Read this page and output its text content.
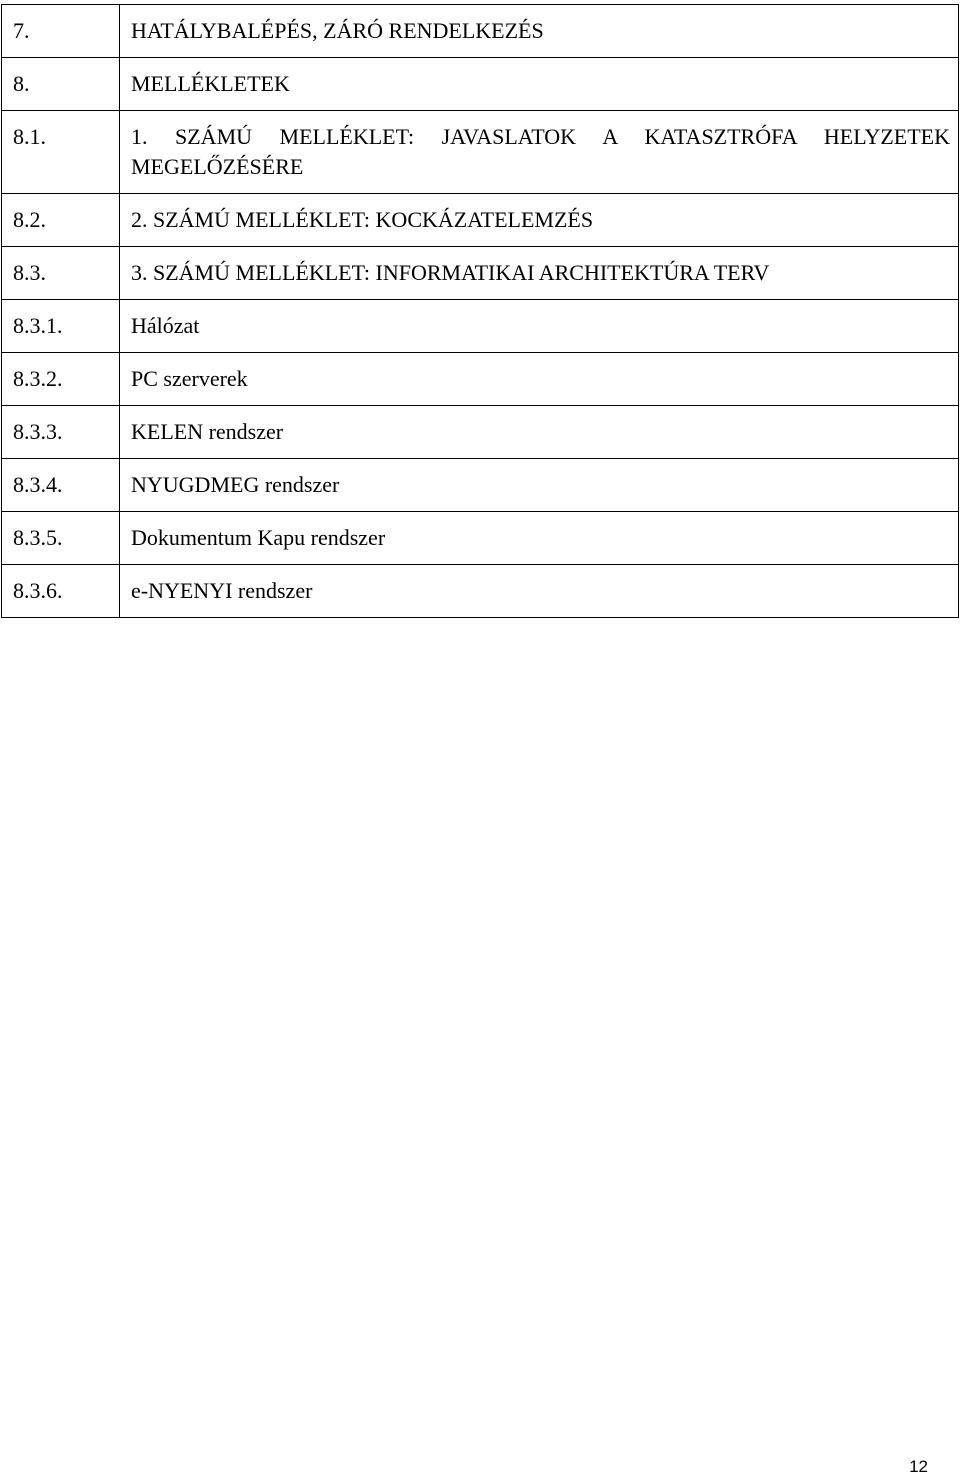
7.	HATÁLYBALÉPÉS, ZÁRÓ RENDELKEZÉS
8.	MELLÉKLETEK
8.1.	1. SZÁMÚ MELLÉKLET: JAVASLATOK A KATASZTRÓFA HELYZETEK MEGELŐZÉSÉRE
8.2.	2. SZÁMÚ MELLÉKLET: KOCKÁZATELEMZÉS
8.3.	3. SZÁMÚ MELLÉKLET: INFORMATIKAI ARCHITEKTÚRA TERV
8.3.1.	Hálózat
8.3.2.	PC szerverek
8.3.3.	KELEN rendszer
8.3.4.	NYUGDMEG rendszer
8.3.5.	Dokumentum Kapu rendszer
8.3.6.	e-NYENYI rendszer
12
